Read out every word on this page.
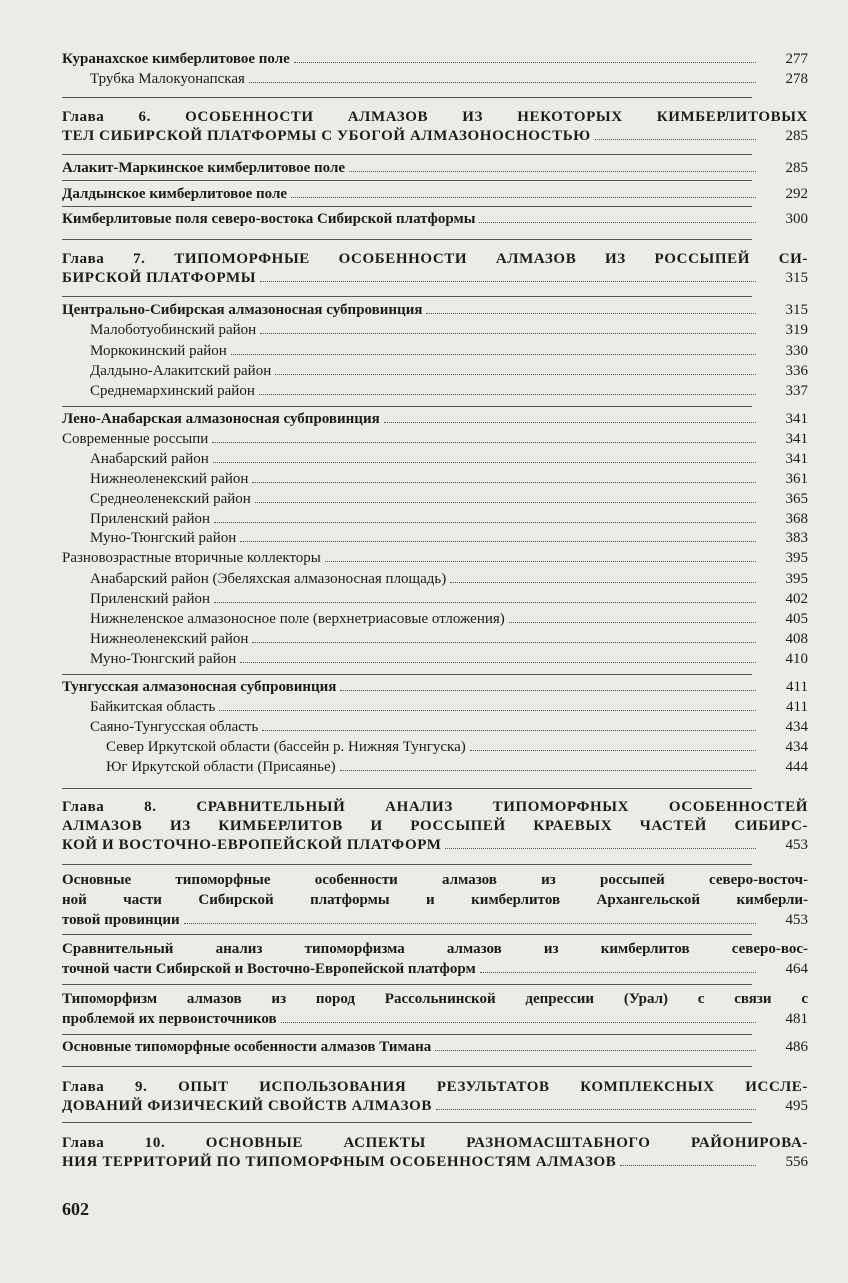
Куранахское кимберлитовое поле	277
Трубка Малокуонапская	278
Глава 6. ОСОБЕННОСТИ АЛМАЗОВ ИЗ НЕКОТОРЫХ КИМБЕРЛИТОВЫХ
ТЕЛ СИБИРСКОЙ ПЛАТФОРМЫ С УБОГОЙ АЛМАЗОНОСНОСТЬЮ	285
Алакит-Маркинское кимберлитовое поле	285
Далдынское кимберлитовое поле	292
Кимберлитовые поля северо-востока Сибирской платформы	300
Глава 7. ТИПОМОРФНЫЕ ОСОБЕННОСТИ АЛМАЗОВ ИЗ РОССЫПЕЙ СИ-
БИРСКОЙ ПЛАТФОРМЫ	315
Центрально-Сибирская алмазоносная субпровинция	315
Малоботуобинский район	319
Моркокинский район	330
Далдыно-Алакитский район	336
Среднемархинский район	337
Лено-Анабарская алмазоносная субпровинция	341
Современные россыпи	341
Анабарский район	341
Нижнеоленекский район	361
Среднеоленекский район	365
Приленский район	368
Муно-Тюнгский район	383
Разновозрастные вторичные коллекторы	395
Анабарский район (Эбеляхская алмазоносная площадь)	395
Приленский район	402
Нижнеленское алмазоносное поле (верхнетриасовые отложения)	405
Нижнеоленекский район	408
Муно-Тюнгский район	410
Тунгусская алмазоносная субпровинция	411
Байкитская область	411
Саяно-Тунгусская область	434
Север Иркутской области (бассейн р. Нижняя Тунгуска)	434
Юг Иркутской области (Присаянье)	444
Глава 8. СРАВНИТЕЛЬНЫЙ АНАЛИЗ ТИПОМОРФНЫХ ОСОБЕННОСТЕЙ
АЛМАЗОВ ИЗ КИМБЕРЛИТОВ И РОССЫПЕЙ КРАЕВЫХ ЧАСТЕЙ СИБИРС-
КОЙ И ВОСТОЧНО-ЕВРОПЕЙСКОЙ ПЛАТФОРМ	453
Основные типоморфные особенности алмазов из россыпей северо-восточ-
ной части Сибирской платформы и кимберлитов Архангельской кимберли-
товой провинции	453
Сравнительный анализ типоморфизма алмазов из кимберлитов северо-вос-
точной части Сибирской и Восточно-Европейской платформ	464
Типоморфизм алмазов из пород Рассольнинской депрессии (Урал) с связи с
проблемой их первоисточников	481
Основные типоморфные особенности алмазов Тимана	486
Глава 9. ОПЫТ ИСПОЛЬЗОВАНИЯ РЕЗУЛЬТАТОВ КОМПЛЕКСНЫХ ИССЛЕ-
ДОВАНИЙ ФИЗИЧЕСКИЙ СВОЙСТВ АЛМАЗОВ	495
Глава 10. ОСНОВНЫЕ АСПЕКТЫ РАЗНОМАСШТАБНОГО РАЙОНИРОВА-
НИЯ ТЕРРИТОРИЙ ПО ТИПОМОРФНЫМ ОСОБЕННОСТЯМ АЛМАЗОВ	556
602
